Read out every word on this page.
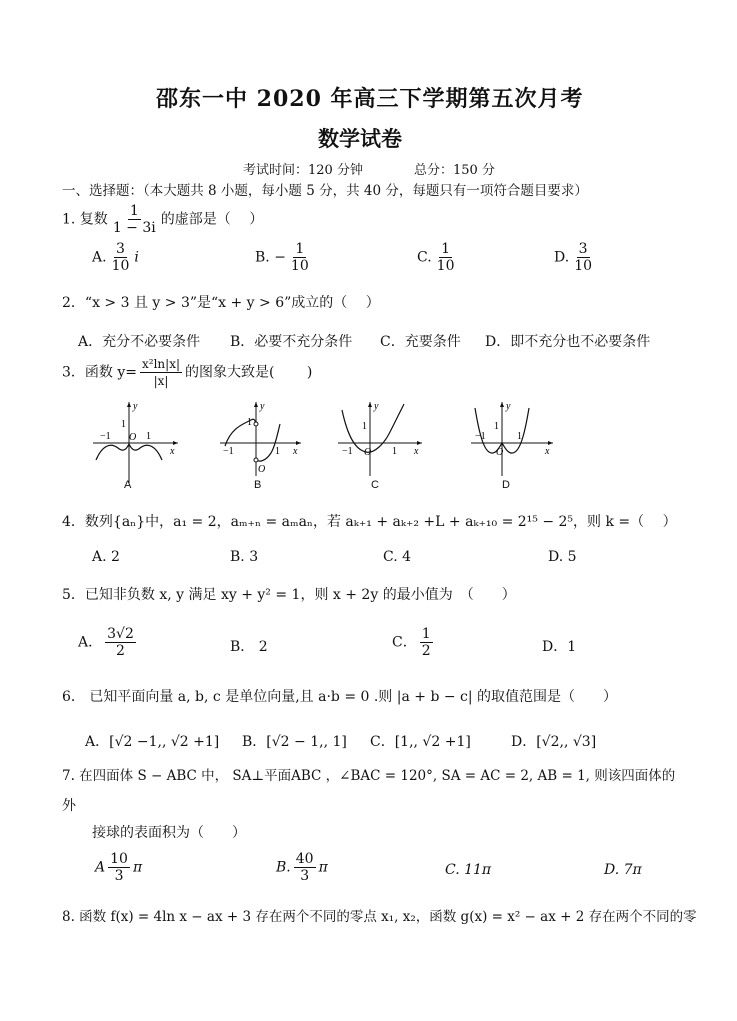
邵东一中 2020 年高三下学期第五次月考
数学试卷
考试时间：120 分钟	总分：150 分
一、选择题：（本大题共 8 小题，每小题 5 分，共 40 分，每题只有一项符合题目要求）
1. 复数 $\frac{1}{1 - 3i}$ 的虚部是（　 ）
A. $\frac{3}{10}$ i	B. − $\frac{1}{10}$	C. $\frac{1}{10}$	D. $\frac{3}{10}$
2．“x > 3 且 y > 3”是“x + y > 6”成立的（　 ）
A．充分不必要条件 B．必要不充分条件 C．充要条件 D．即不充分也不必要条件
3．函数 $y= \frac{\text{x²ln|x|}}{|x|}$ 的图象大致是(　 　)
y
x
−1	1
1
O
A
y
x
−1	1
1
O
B
y
x
−1	1
1
O
C
y
x
−1	1
1
O
D
4．数列{aₙ}中，a₁ = 2，aₘ₊ₙ = aₘaₙ，若 aₖ₊₁ + aₖ₊₂ +L + aₖ₊₁₀ = 2¹⁵ − 2⁵，则 k =（　 ）
A. 2	B. 3	C. 4	D. 5
5．已知非负数 x, y 满足 xy + y² = 1，则 x + 2y 的最小值为　（　　）
A． $\frac{3√2}{2}$	B． 2	C． $\frac{1}{2}$	D．1
6． 已知平面向量 a, b, c 是单位向量,且 a·b = 0 .则 |a + b − c| 的取值范围是（　　）
A．[√2 −1,, √2 +1] B．[√2 − 1,, 1] C．[1,, √2 +1]	D．[√2,, √3]
7. 在四面体 S − ABC 中， SA⊥平面ABC ，∠BAC = 120°, SA = AC = 2, AB = 1, 则该四面体的
外
接球的表面积为（　　）
A $\frac{10}{3}$ π	B. $\frac{40}{3}$ π	C. 11π	D. 7π
8. 函数 f(x) = 4ln x − ax + 3 存在两个不同的零点 x₁, x₂，函数 g(x) = x² − ax + 2 存在两个不同的零
